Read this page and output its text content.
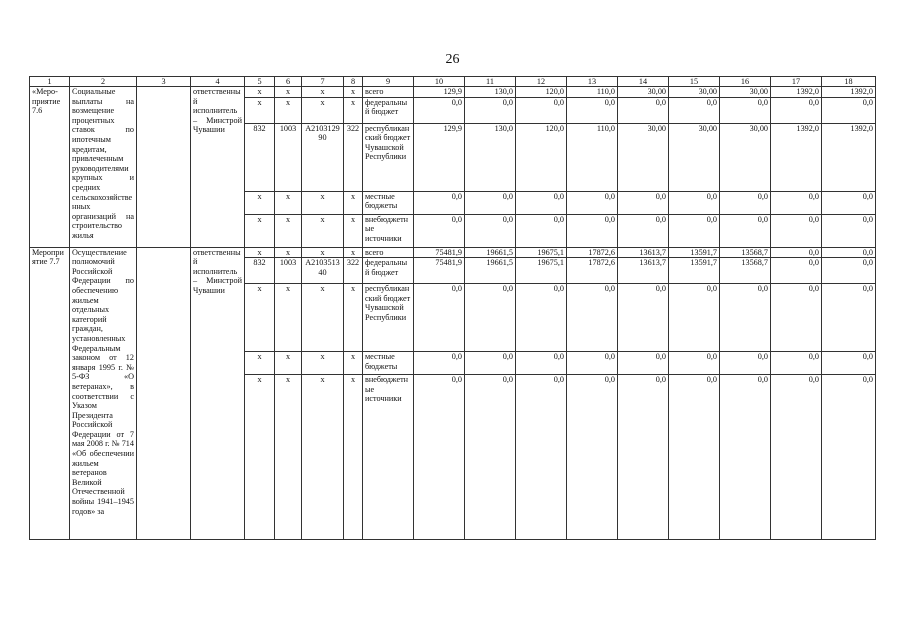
26
1	2	3	4	5	6	7	8	9	10	11	12	13	14	15	16	17	18
«Меро-приятие 7.6	Социальные выплаты на возмещение процентных ставок по ипотечным кредитам, привлеченным руководителями крупных и средних сельскохозяйственных организаций на строительство жилья		ответственный исполнитель – Минстрой Чувашии	x	x	x	x	всего	129,9	130,0	120,0	110,0	30,00	30,00	30,00	1392,0	1392,0
				x	x	x	x	федеральный бюджет	0,0	0,0	0,0	0,0	0,0	0,0	0,0	0,0	0,0
				832	1003	A210312990	322	республиканский бюджет Чувашской Республики	129,9	130,0	120,0	110,0	30,00	30,00	30,00	1392,0	1392,0
				x	x	x	x	местные бюджеты	0,0	0,0	0,0	0,0	0,0	0,0	0,0	0,0	0,0
				x	x	x	x	внебюджетные источники	0,0	0,0	0,0	0,0	0,0	0,0	0,0	0,0	0,0
Мероприятие 7.7	Осуществление полномочий Российской Федерации по обеспечению жильем отдельных категорий граждан, установленных Федеральным законом от 12 января 1995 г. № 5-ФЗ «О ветеранах», в соответствии с Указом Президента Российской Федерации от 7 мая 2008 г. № 714 «Об обеспечении жильем ветеранов Великой Отечественной войны 1941–1945 годов» за		ответственный исполнитель – Минстрой Чувашии	x	x	x	x	всего	75481,9	19661,5	19675,1	17872,6	13613,7	13591,7	13568,7	0,0	0,0
				832	1003	A210351340	322	федеральный бюджет	75481,9	19661,5	19675,1	17872,6	13613,7	13591,7	13568,7	0,0	0,0
				x	x	x	x	республиканский бюджет Чувашской Республики	0,0	0,0	0,0	0,0	0,0	0,0	0,0	0,0	0,0
				x	x	x	x	местные бюджеты	0,0	0,0	0,0	0,0	0,0	0,0	0,0	0,0	0,0
				x	x	x	x	внебюджетные источники	0,0	0,0	0,0	0,0	0,0	0,0	0,0	0,0	0,0
